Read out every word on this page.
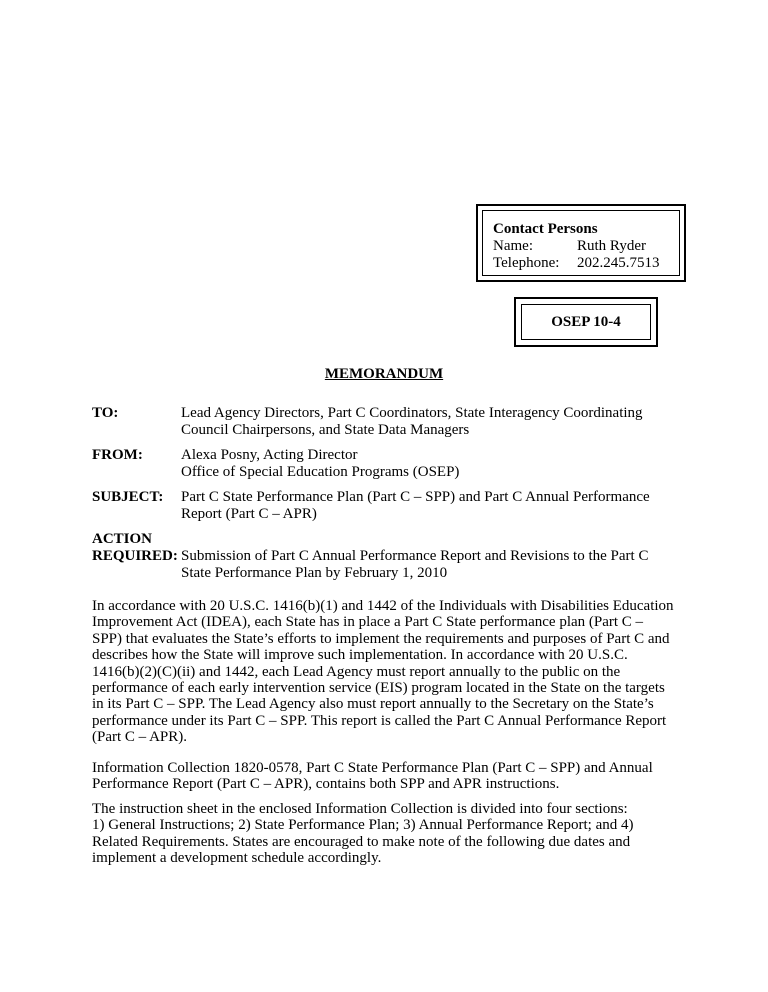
Contact Persons
Name:	Ruth Ryder
Telephone: 202.245.7513
OSEP 10-4
MEMORANDUM
TO:	Lead Agency Directors, Part C Coordinators, State Interagency Coordinating
Council Chairpersons, and State Data Managers
FROM:	Alexa Posny, Acting Director
Office of Special Education Programs (OSEP)
SUBJECT: Part C State Performance Plan (Part C – SPP) and Part C Annual Performance
Report (Part C – APR)
ACTION
REQUIRED: Submission of Part C Annual Performance Report and Revisions to the Part C
State Performance Plan by February 1, 2010
In accordance with 20 U.S.C. 1416(b)(1) and 1442 of the Individuals with Disabilities Education
Improvement Act (IDEA), each State has in place a Part C State performance plan (Part C –
SPP) that evaluates the State’s efforts to implement the requirements and purposes of Part C and
describes how the State will improve such implementation. In accordance with 20 U.S.C.
1416(b)(2)(C)(ii) and 1442, each Lead Agency must report annually to the public on the
performance of each early intervention service (EIS) program located in the State on the targets
in its Part C – SPP. The Lead Agency also must report annually to the Secretary on the State’s
performance under its Part C – SPP. This report is called the Part C Annual Performance Report
(Part C – APR).
Information Collection 1820-0578, Part C State Performance Plan (Part C – SPP) and Annual
Performance Report (Part C – APR), contains both SPP and APR instructions.
The instruction sheet in the enclosed Information Collection is divided into four sections:
1) General Instructions; 2) State Performance Plan; 3) Annual Performance Report; and 4)
Related Requirements. States are encouraged to make note of the following due dates and
implement a development schedule accordingly.
